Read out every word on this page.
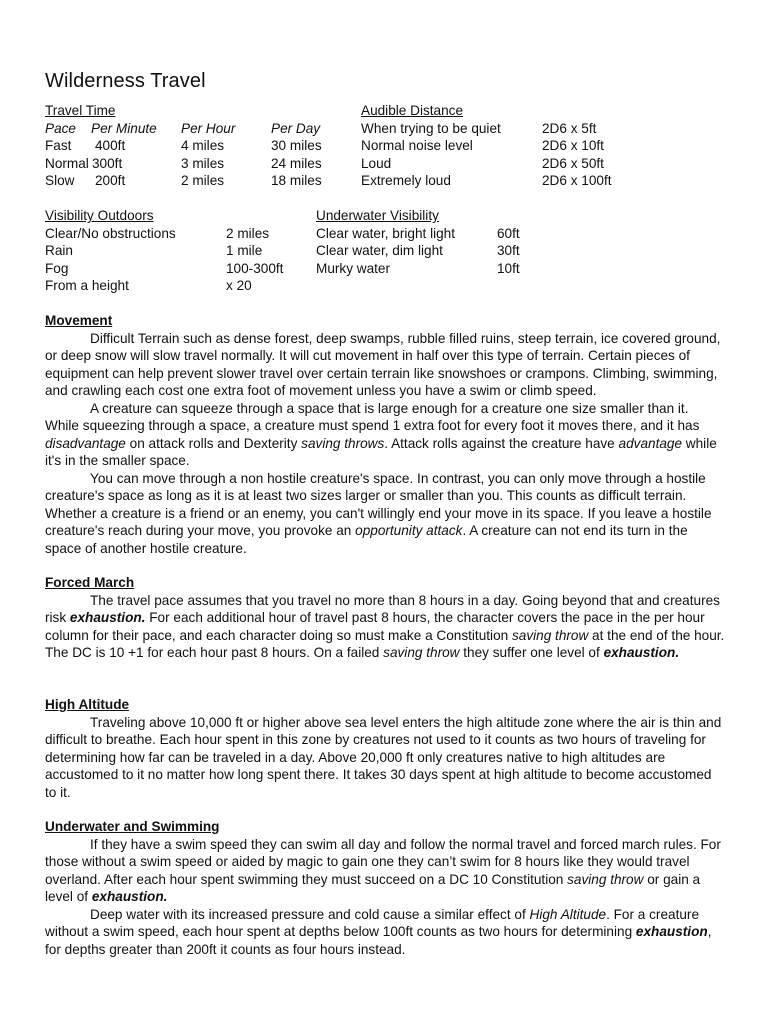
Wilderness Travel
Travel Time
Pace Per Minute Per Hour	Per Day
Fast 400ft	4 miles	30 miles
Normal 300ft	3 miles	24 miles
Slow 200ft	2 miles	18 miles
Audible Distance
When trying to be quiet	2D6 x 5ft
Normal noise level	2D6 x 10ft
Loud	2D6 x 50ft
Extremely loud	2D6 x 100ft
Visibility Outdoors
Clear/No obstructions	2 miles
Rain	1 mile
Fog	100-300ft
From a height	x 20
Underwater Visibility
Clear water, bright light	60ft
Clear water, dim light	30ft
Murky water	10ft
Movement

Difficult Terrain such as dense forest, deep swamps, rubble filled ruins, steep terrain, ice covered ground, or deep snow will slow travel normally. It will cut movement in half over this type of terrain. Certain pieces of equipment can help prevent slower travel over certain terrain like snowshoes or crampons. Climbing, swimming, and crawling each cost one extra foot of movement unless you have a swim or climb speed.

A creature can squeeze through a space that is large enough for a creature one size smaller than it. While squeezing through a space, a creature must spend 1 extra foot for every foot it moves there, and it has disadvantage on attack rolls and Dexterity saving throws. Attack rolls against the creature have advantage while it's in the smaller space.

You can move through a non hostile creature's space. In contrast, you can only move through a hostile creature's space as long as it is at least two sizes larger or smaller than you. This counts as difficult terrain. Whether a creature is a friend or an enemy, you can't willingly end your move in its space. If you leave a hostile creature's reach during your move, you provoke an opportunity attack. A creature can not end its turn in the space of another hostile creature.

Forced March

The travel pace assumes that you travel no more than 8 hours in a day. Going beyond that and creatures risk exhaustion. For each additional hour of travel past 8 hours, the character covers the pace in the per hour column for their pace, and each character doing so must make a Constitution saving throw at the end of the hour. The DC is 10 +1 for each hour past 8 hours. On a failed saving throw they suffer one level of exhaustion.

High Altitude

Traveling above 10,000 ft or higher above sea level enters the high altitude zone where the air is thin and difficult to breathe. Each hour spent in this zone by creatures not used to it counts as two hours of traveling for determining how far can be traveled in a day. Above 20,000 ft only creatures native to high altitudes are accustomed to it no matter how long spent there. It takes 30 days spent at high altitude to become accustomed to it.

Underwater and Swimming

If they have a swim speed they can swim all day and follow the normal travel and forced march rules. For those without a swim speed or aided by magic to gain one they can’t swim for 8 hours like they would travel overland. After each hour spent swimming they must succeed on a DC 10 Constitution saving throw or gain a level of exhaustion.

Deep water with its increased pressure and cold cause a similar effect of High Altitude. For a creature without a swim speed, each hour spent at depths below 100ft counts as two hours for determining exhaustion, for depths greater than 200ft it counts as four hours instead.
